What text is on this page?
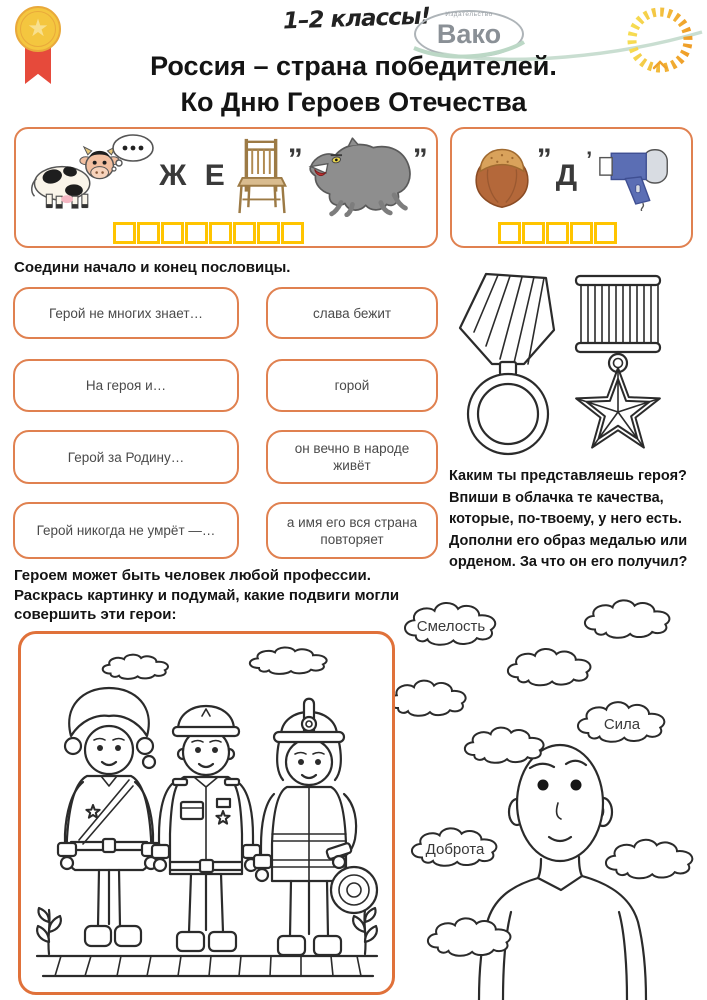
★	1–2 классы!	Издательство
Вако
Россия – страна победителей.
Ко Дню Героев Отечества
Ж Е ”	”	” Д ’
Соедини начало и конец пословицы.
Герой не многих знает…
На героя и…
Герой за Родину…
Герой никогда не умрёт —…
слава бежит
горой
он вечно в народе живёт
а имя его вся страна повторяет
Каким ты представляешь героя? Впиши в облачка те качества, которые, по-твоему, у него есть. Дополни его образ медалью или орденом. За что он его получил?
Героем может быть человек любой профессии. Раскрась картинку и подумай, какие подвиги могли совершить эти герои:
Смелость
Сила
Доброта
